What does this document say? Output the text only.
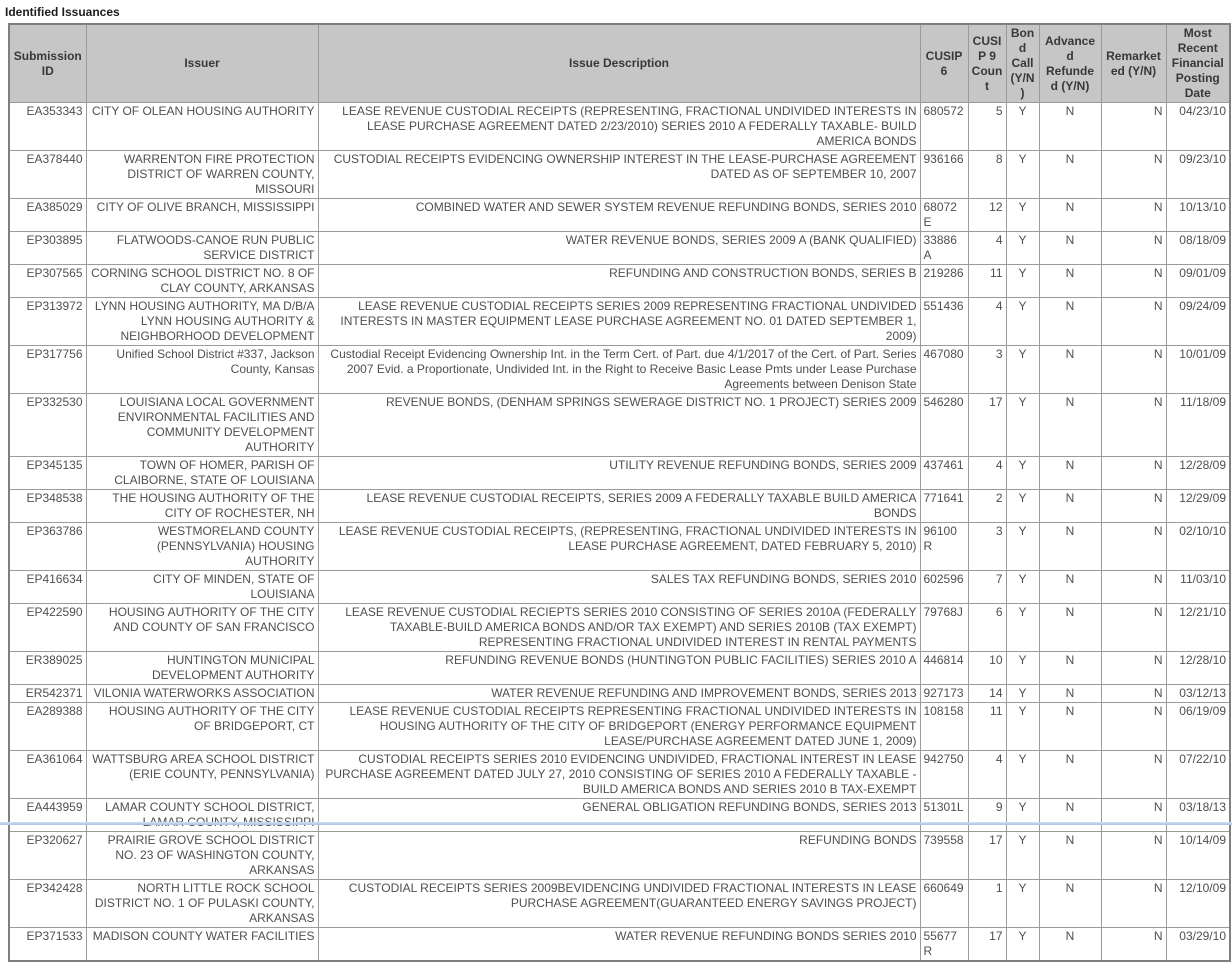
Identified Issuances
Submission ID	Issuer	Issue Description	CUSIP 6	CUSIP 9 Count	Bond Call (Y/N)	Advanced Refunded (Y/N)	Remarketed (Y/N)	Most Recent Financial Posting Date
EA353343	CITY OF OLEAN HOUSING AUTHORITY	LEASE REVENUE CUSTODIAL RECEIPTS (REPRESENTING, FRACTIONAL UNDIVIDED INTERESTS IN LEASE PURCHASE AGREEMENT DATED 2/23/2010) SERIES 2010 A FEDERALLY TAXABLE- BUILD AMERICA BONDS	680572	5	Y	N	N	04/23/10
EA378440	WARRENTON FIRE PROTECTION DISTRICT OF WARREN COUNTY, MISSOURI	CUSTODIAL RECEIPTS EVIDENCING OWNERSHIP INTEREST IN THE LEASE-PURCHASE AGREEMENT DATED AS OF SEPTEMBER 10, 2007	936166	8	Y	N	N	09/23/10
EA385029	CITY OF OLIVE BRANCH, MISSISSIPPI	COMBINED WATER AND SEWER SYSTEM REVENUE REFUNDING BONDS, SERIES 2010	68072E	12	Y	N	N	10/13/10
EP303895	FLATWOODS-CANOE RUN PUBLIC SERVICE DISTRICT	WATER REVENUE BONDS, SERIES 2009 A (BANK QUALIFIED)	33886A	4	Y	N	N	08/18/09
EP307565	CORNING SCHOOL DISTRICT NO. 8 OF CLAY COUNTY, ARKANSAS	REFUNDING AND CONSTRUCTION BONDS, SERIES B	219286	11	Y	N	N	09/01/09
EP313972	LYNN HOUSING AUTHORITY, MA D/B/A LYNN HOUSING AUTHORITY & NEIGHBORHOOD DEVELOPMENT	LEASE REVENUE CUSTODIAL RECEIPTS SERIES 2009 REPRESENTING FRACTIONAL UNDIVIDED INTERESTS IN MASTER EQUIPMENT LEASE PURCHASE AGREEMENT NO. 01 DATED SEPTEMBER 1, 2009)	551436	4	Y	N	N	09/24/09
EP317756	Unified School District #337, Jackson County, Kansas	Custodial Receipt Evidencing Ownership Int. in the Term Cert. of Part. due 4/1/2017 of the Cert. of Part. Series 2007 Evid. a Proportionate, Undivided Int. in the Right to Receive Basic Lease Pmts under Lease Purchase Agreements between Denison State	467080	3	Y	N	N	10/01/09
EP332530	LOUISIANA LOCAL GOVERNMENT ENVIRONMENTAL FACILITIES AND COMMUNITY DEVELOPMENT AUTHORITY	REVENUE BONDS, (DENHAM SPRINGS SEWERAGE DISTRICT NO. 1 PROJECT) SERIES 2009	546280	17	Y	N	N	11/18/09
EP345135	TOWN OF HOMER, PARISH OF CLAIBORNE, STATE OF LOUISIANA	UTILITY REVENUE REFUNDING BONDS, SERIES 2009	437461	4	Y	N	N	12/28/09
EP348538	THE HOUSING AUTHORITY OF THE CITY OF ROCHESTER, NH	LEASE REVENUE CUSTODIAL RECEIPTS, SERIES 2009 A FEDERALLY TAXABLE BUILD AMERICA BONDS	771641	2	Y	N	N	12/29/09
EP363786	WESTMORELAND COUNTY (PENNSYLVANIA) HOUSING AUTHORITY	LEASE REVENUE CUSTODIAL RECEIPTS, (REPRESENTING, FRACTIONAL UNDIVIDED INTERESTS IN LEASE PURCHASE AGREEMENT, DATED FEBRUARY 5, 2010)	96100R	3	Y	N	N	02/10/10
EP416634	CITY OF MINDEN, STATE OF LOUISIANA	SALES TAX REFUNDING BONDS, SERIES 2010	602596	7	Y	N	N	11/03/10
EP422590	HOUSING AUTHORITY OF THE CITY AND COUNTY OF SAN FRANCISCO	LEASE REVENUE CUSTODIAL RECIEPTS SERIES 2010 CONSISTING OF SERIES 2010A (FEDERALLY TAXABLE-BUILD AMERICA BONDS AND/OR TAX EXEMPT) AND SERIES 2010B (TAX EXEMPT) REPRESENTING FRACTIONAL UNDIVIDED INTEREST IN RENTAL PAYMENTS	79768J	6	Y	N	N	12/21/10
ER389025	HUNTINGTON MUNICIPAL DEVELOPMENT AUTHORITY	REFUNDING REVENUE BONDS (HUNTINGTON PUBLIC FACILITIES) SERIES 2010 A	446814	10	Y	N	N	12/28/10
ER542371	VILONIA WATERWORKS ASSOCIATION	WATER REVENUE REFUNDING AND IMPROVEMENT BONDS, SERIES 2013	927173	14	Y	N	N	03/12/13
EA289388	HOUSING AUTHORITY OF THE CITY OF BRIDGEPORT, CT	LEASE REVENUE CUSTODIAL RECEIPTS REPRESENTING FRACTIONAL UNDIVIDED INTERESTS IN HOUSING AUTHORITY OF THE CITY OF BRIDGEPORT (ENERGY PERFORMANCE EQUIPMENT LEASE/PURCHASE AGREEMENT DATED JUNE 1, 2009)	108158	11	Y	N	N	06/19/09
EA361064	WATTSBURG AREA SCHOOL DISTRICT (ERIE COUNTY, PENNSYLVANIA)	CUSTODIAL RECEIPTS SERIES 2010 EVIDENCING UNDIVIDED, FRACTIONAL INTEREST IN LEASE PURCHASE AGREEMENT DATED JULY 27, 2010 CONSISTING OF SERIES 2010 A FEDERALLY TAXABLE - BUILD AMERICA BONDS AND SERIES 2010 B TAX-EXEMPT	942750	4	Y	N	N	07/22/10
EA443959	LAMAR COUNTY SCHOOL DISTRICT,	GENERAL OBLIGATION REFUNDING BONDS, SERIES 2013	51301L	9	Y	N	N	03/18/13
EP320627	PRAIRIE GROVE SCHOOL DISTRICT NO. 23 OF WASHINGTON COUNTY, ARKANSAS	REFUNDING BONDS	739558	17	Y	N	N	10/14/09
EP342428	NORTH LITTLE ROCK SCHOOL DISTRICT NO. 1 OF PULASKI COUNTY, ARKANSAS	CUSTODIAL RECEIPTS SERIES 2009BEVIDENCING UNDIVIDED FRACTIONAL INTERESTS IN LEASE PURCHASE AGREEMENT(GUARANTEED ENERGY SAVINGS PROJECT)	660649	1	Y	N	N	12/10/09
EP371533	MADISON COUNTY WATER FACILITIES	WATER REVENUE REFUNDING BONDS SERIES 2010	55677R	17	Y	N	N	03/29/10
